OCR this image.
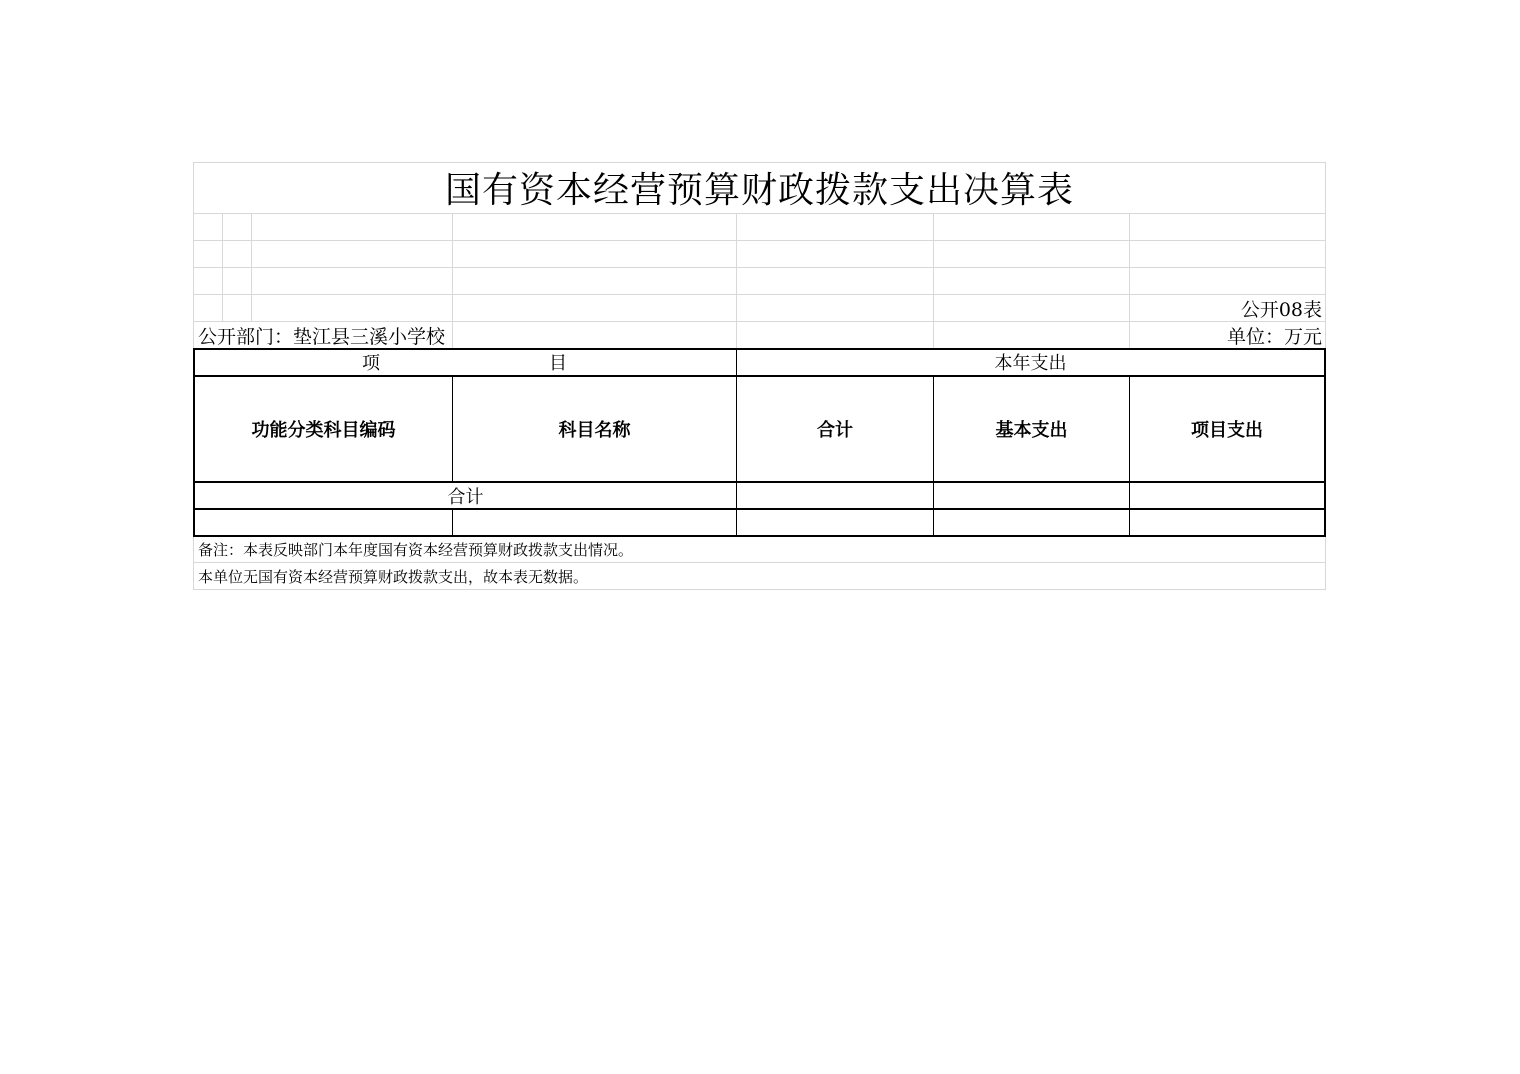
国有资本经营预算财政拨款支出决算表
公开08表
公开部门：垫江县三溪小学校	单位：万元
项	目	本年支出
功能分类科目编码	科目名称	合计	基本支出	项目支出
合计
备注：本表反映部门本年度国有资本经营预算财政拨款支出情况。
本单位无国有资本经营预算财政拨款支出，故本表无数据。
